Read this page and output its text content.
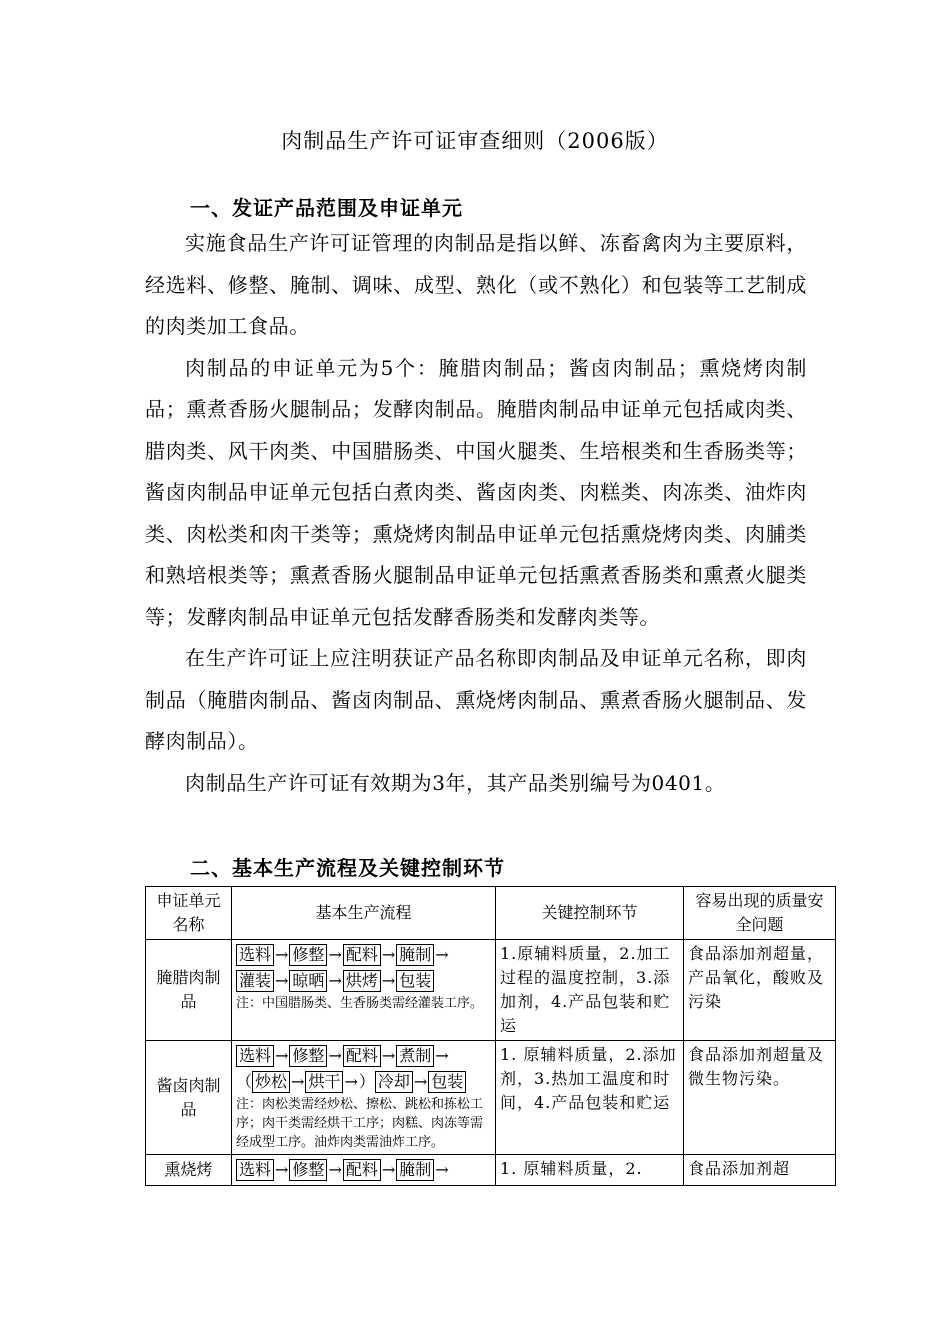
肉制品生产许可证审查细则（2006版）
一、发证产品范围及申证单元

实施食品生产许可证管理的肉制品是指以鲜、冻畜禽肉为主要原料，经选料、修整、腌制、调味、成型、熟化（或不熟化）和包装等工艺制成的肉类加工食品。

肉制品的申证单元为5个：腌腊肉制品；酱卤肉制品；熏烧烤肉制品；熏煮香肠火腿制品；发酵肉制品。腌腊肉制品申证单元包括咸肉类、腊肉类、风干肉类、中国腊肠类、中国火腿类、生培根类和生香肠类等；酱卤肉制品申证单元包括白煮肉类、酱卤肉类、肉糕类、肉冻类、油炸肉类、肉松类和肉干类等；熏烧烤肉制品申证单元包括熏烧烤肉类、肉脯类和熟培根类等；熏煮香肠火腿制品申证单元包括熏煮香肠类和熏煮火腿类等；发酵肉制品申证单元包括发酵香肠类和发酵肉类等。

在生产许可证上应注明获证产品名称即肉制品及申证单元名称，即肉制品（腌腊肉制品、酱卤肉制品、熏烧烤肉制品、熏煮香肠火腿制品、发酵肉制品）。

肉制品生产许可证有效期为3年，其产品类别编号为0401。

二、基本生产流程及关键控制环节
申证单元名称	基本生产流程	关键控制环节	容易出现的质量安全问题
腌腊肉制品	选料 → 修整 → 配料 → 腌制 →
灌装 → 晾晒 → 烘烤 → 包装
注：中国腊肠类、生香肠类需经灌装工序。	1.原辅料质量，2.加工过程的温度控制，3.添加剂，4.产品包装和贮运	食品添加剂超量，产品氧化，酸败及污染
酱卤肉制品	选料 → 修整 → 配料 → 煮制 →
（ 炒松 → 烘干 →） 冷却 → 包装
注：肉松类需经炒松、擦松、跳松和拣松工序；肉干类需经烘干工序；肉糕、肉冻等需经成型工序。油炸肉类需油炸工序。	1. 原辅料质量，2.添加剂，3.热加工温度和时间，4.产品包装和贮运	食品添加剂超量及微生物污染。
熏烧烤	选料 → 修整 → 配料 → 腌制 →	1. 原辅料质量，2.	食品添加剂超
